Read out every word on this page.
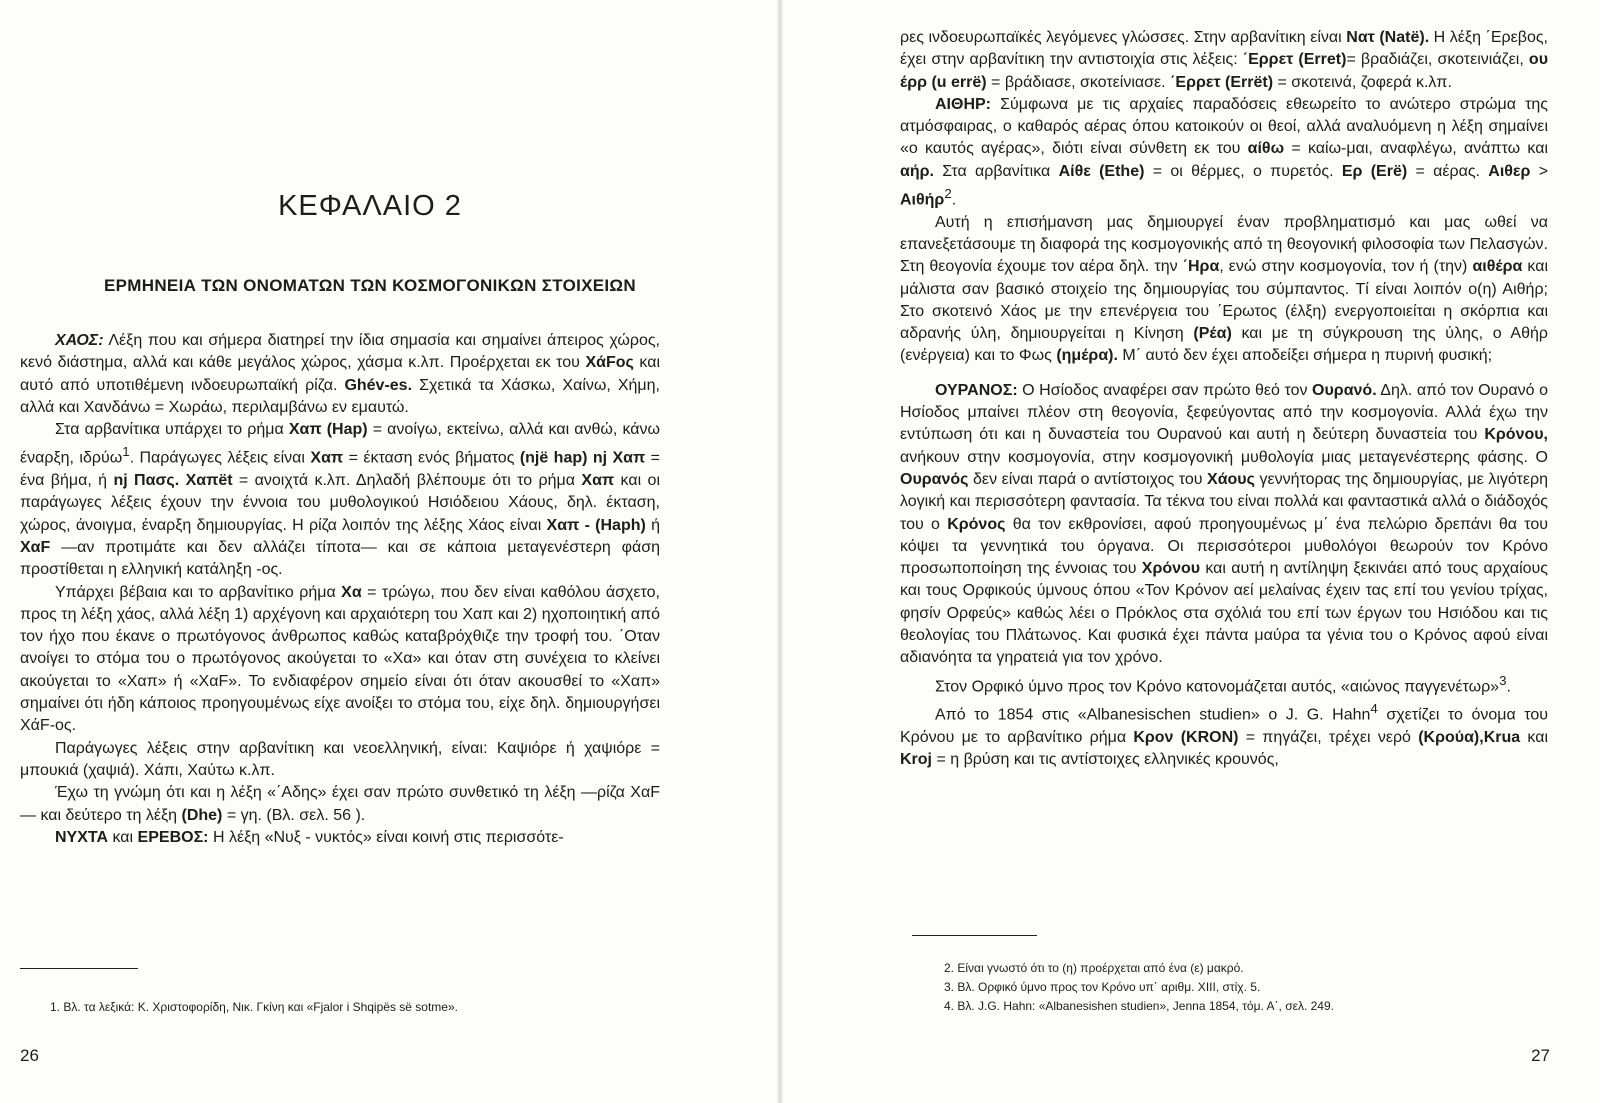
ΚΕΦΑΛΑΙΟ 2
ΕΡΜΗΝΕΙΑ ΤΩΝ ΟΝΟΜΑΤΩΝ ΤΩΝ ΚΟΣΜΟΓΟΝΙΚΩΝ ΣΤΟΙΧΕΙΩΝ

ΧΑΟΣ: Λέξη που και σήμερα διατηρεί την ίδια σημασία και σημαίνει άπειρος χώρος, κενό διάστημα, αλλά και κάθε μεγάλος χώρος, χάσμα κ.λπ. Προέρχεται εκ του ΧάFος και αυτό από υποτιθέμενη ινδοευρωπαϊκή ρίζα. Ghév-es. Σχετικά τα Χάσκω, Χαίνω, Χήμη, αλλά και Χανδάνω = Χωράω, περιλαμβάνω εν εμαυτώ.

Στα αρβανίτικα υπάρχει το ρήμα Χαπ (Hap) = ανοίγω, εκτείνω, αλλά και ανθώ, κάνω έναρξη, ιδρύω$^1$. Παράγωγες λέξεις είναι Χαπ = έκταση ενός βήματος (një hap) nj Χαπ = ένα βήμα, ή nj Πασς. Χαπët = ανοιχτά κ.λπ. Δηλαδή βλέπουμε ότι το ρήμα Χαπ και οι παράγωγες λέξεις έχουν την έννοια του μυθολογικού Ησιόδειου Χάους, δηλ. έκταση, χώρος, άνοιγμα, έναρξη δημιουργίας. Η ρίζα λοιπόν της λέξης Χάος είναι Χαπ - (Haph) ή ΧαF —αν προτιμάτε και δεν αλλάζει τίποτα— και σε κάποια μεταγενέστερη φάση προστίθεται η ελληνική κατάληξη -ος.

Υπάρχει βέβαια και το αρβανίτικο ρήμα Χα = τρώγω, που δεν είναι καθόλου άσχετο, προς τη λέξη χάος, αλλά λέξη 1) αρχέγονη και αρχαιότερη του Χαπ και 2) ηχοποιητική από τον ήχο που έκανε ο πρωτόγονος άνθρωπος καθώς καταβρόχθιζε την τροφή του. ΄Οταν ανοίγει το στόμα του ο πρωτόγονος ακούγεται το «Χα» και όταν στη συνέχεια το κλείνει ακούγεται το «Χαπ» ή «ΧαF». Το ενδιαφέρον σημείο είναι ότι όταν ακουσθεί το «Χαπ» σημαίνει ότι ήδη κάποιος προηγουμένως είχε ανοίξει το στόμα του, είχε δηλ. δημιουργήσει ΧάF-ος.

Παράγωγες λέξεις στην αρβανίτικη και νεοελληνική, είναι: Καψιόρε ή χαψιόρε = μπουκιά (χαψιά). Χάπι, Χαύτω κ.λπ.

Έχω τη γνώμη ότι και η λέξη «΄Αδης» έχει σαν πρώτο συνθετικό τη λέξη —ρίζα ΧαF— και δεύτερο τη λέξη (Dhe) = γη. (Βλ. σελ. 56 ).

ΝΥΧΤΑ και ΕΡΕΒΟΣ: Η λέξη «Νυξ - νυκτός» είναι κοινή στις περισσότε-

1. Βλ. τα λεξικά: Κ. Χριστοφορίδη, Νικ. Γκίνη και «Fjalor i Shqipës së sotme».
26

ρες ινδοευρωπαϊκές λεγόμενες γλώσσες. Στην αρβανίτικη είναι Νατ (Natë). Η λέξη ΄Ερεβος, έχει στην αρβανίτικη την αντιστοιχία στις λέξεις: ΄Ερρετ (Erret)= βραδιάζει, σκοτεινιάζει, ου έρρ (u errë) = βράδιασε, σκοτείνιασε. ΄Ερρετ (Errët) = σκοτεινά, ζοφερά κ.λπ.

ΑΙΘΗΡ: Σύμφωνα με τις αρχαίες παραδόσεις εθεωρείτο το ανώτερο στρώμα της ατμόσφαιρας, ο καθαρός αέρας όπου κατοικούν οι θεοί, αλλά αναλυόμενη η λέξη σημαίνει «ο καυτός αγέρας», διότι είναι σύνθετη εκ του αίθω = καίω-μαι, αναφλέγω, ανάπτω και αήρ. Στα αρβανίτικα Αίθε (Ethe) = οι θέρμες, ο πυρετός. Ερ (Erë) = αέρας. Αιθερ > Αιθήρ$^2$.

Αυτή η επισήμανση μας δημιουργεί έναν προβληματισμό και μας ωθεί να επανεξετάσουμε τη διαφορά της κοσμογονικής από τη θεογονική φιλοσοφία των Πελασγών. Στη θεογονία έχουμε τον αέρα δηλ. την ΄Ηρα, ενώ στην κοσμογονία, τον ή (την) αιθέρα και μάλιστα σαν βασικό στοιχείο της δημιουργίας του σύμπαντος. Τί είναι λοιπόν ο(η) Αιθήρ; Στο σκοτεινό Χάος με την επενέργεια του ΄Ερωτος (έλξη) ενεργοποιείται η σκόρπια και αδρανής ύλη, δημιουργείται η Κίνηση (Ρέα) και με τη σύγκρουση της ύλης, ο Αθήρ (ενέργεια) και το Φως (ημέρα). Μ΄ αυτό δεν έχει αποδείξει σήμερα η πυρινή φυσική;

ΟΥΡΑΝΟΣ: Ο Ησίοδος αναφέρει σαν πρώτο θεό τον Ουρανό. Δηλ. από τον Ουρανό ο Ησίοδος μπαίνει πλέον στη θεογονία, ξεφεύγοντας από την κοσμογονία. Αλλά έχω την εντύπωση ότι και η δυναστεία του Ουρανού και αυτή η δεύτερη δυναστεία του Κρόνου, ανήκουν στην κοσμογονία, στην κοσμογονική μυθολογία μιας μεταγενέστερης φάσης. Ο Ουρανός δεν είναι παρά ο αντίστοιχος του Χάους γεννήτορας της δημιουργίας, με λιγότερη λογική και περισσότερη φαντασία. Τα τέκνα του είναι πολλά και φανταστικά αλλά ο διάδοχός του ο Κρόνος θα τον εκθρονίσει, αφού προηγουμένως μ΄ ένα πελώριο δρεπάνι θα του κόψει τα γεννητικά του όργανα. Οι περισσότεροι μυθολόγοι θεωρούν τον Κρόνο προσωποποίηση της έννοιας του Χρόνου και αυτή η αντίληψη ξεκινάει από τους αρχαίους και τους Ορφικούς ύμνους όπου «Τον Κρόνον αεί μελαίνας έχειν τας επί του γενίου τρίχας, φησίν Ορφεύς» καθώς λέει ο Πρόκλος στα σχόλιά του επί των έργων του Ησιόδου και τις θεολογίας του Πλάτωνος. Και φυσικά έχει πάντα μαύρα τα γένια του ο Κρόνος αφού είναι αδιανόητα τα γηρατειά για τον χρόνο.

Στον Ορφικό ύμνο προς τον Κρόνο κατονομάζεται αυτός, «αιώνος παγγενέτωρ»$^3$.

Από το 1854 στις «Albanesischen studien» ο J. G. Hahn$^4$ σχετίζει το όνομα του Κρόνου με το αρβανίτικο ρήμα Κρον (KRON) = πηγάζει, τρέχει νερό (Κρούα),Krua και Kroj = η βρύση και τις αντίστοιχες ελληνικές κρουνός,

2. Είναι γνωστό ότι το (η) προέρχεται από ένα (ε) μακρό.
3. Βλ. Ορφικό ύμνο προς τον Κρόνο υπ΄ αριθμ. XIII, στίχ. 5.
4. Βλ. J.G. Hahn: «Albanesishen studien», Jenna 1854, τόμ. Α΄, σελ. 249.
27
